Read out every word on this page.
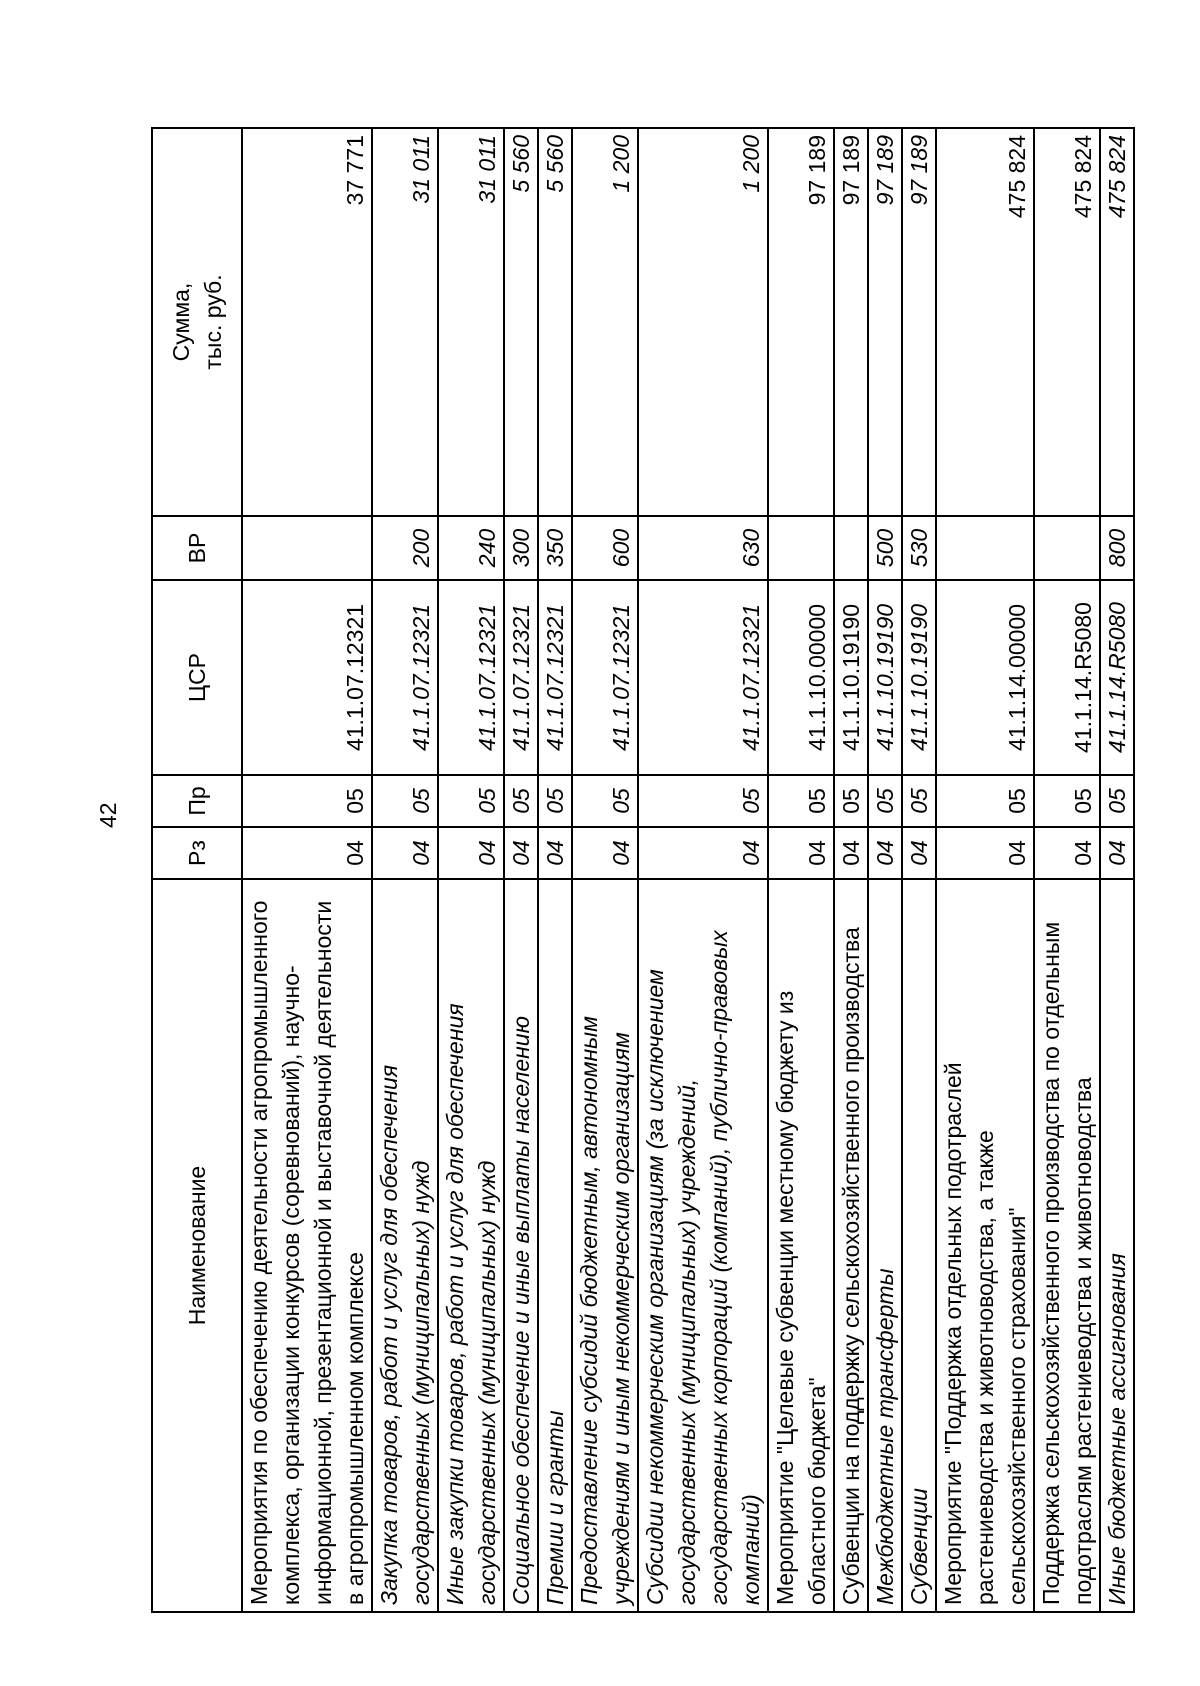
42
Наименование	Рз	Пр	ЦСР	ВР	Сумма, тыс. руб.

Мероприятия по обеспечению деятельности агропромышленного комплекса, организации конкурсов (соревнований), научно-информационной, презентационной и выставочной деятельности в агропромышленном комплексе	04	05	41.1.07.12321		37 771
Закупка товаров, работ и услуг для обеспечения государственных (муниципальных) нужд	04	05	41.1.07.12321	200	31 011
Иные закупки товаров, работ и услуг для обеспечения государственных (муниципальных) нужд	04	05	41.1.07.12321	240	31 011
Социальное обеспечение и иные выплаты населению	04	05	41.1.07.12321	300	5 560
Премии и гранты	04	05	41.1.07.12321	350	5 560
Предоставление субсидий бюджетным, автономным учреждениям и иным некоммерческим организациям	04	05	41.1.07.12321	600	1 200
Субсидии некоммерческим организациям (за исключением государственных (муниципальных) учреждений, государственных корпораций (компаний), публично-правовых компаний)	04	05	41.1.07.12321	630	1 200
Мероприятие "Целевые субвенции местному бюджету из областного бюджета"	04	05	41.1.10.00000		97 189
Субвенции на поддержку сельскохозяйственного производства	04	05	41.1.10.19190		97 189
Межбюджетные трансферты	04	05	41.1.10.19190	500	97 189
Субвенции	04	05	41.1.10.19190	530	97 189
Мероприятие "Поддержка отдельных подотраслей растениеводства и животноводства, а также сельскохозяйственного страхования"	04	05	41.1.14.00000		475 824
Поддержка сельскохозяйственного производства по отдельным подотраслям растениеводства и животноводства	04	05	41.1.14.R5080		475 824
Иные бюджетные ассигнования	04	05	41.1.14.R5080	800	475 824
